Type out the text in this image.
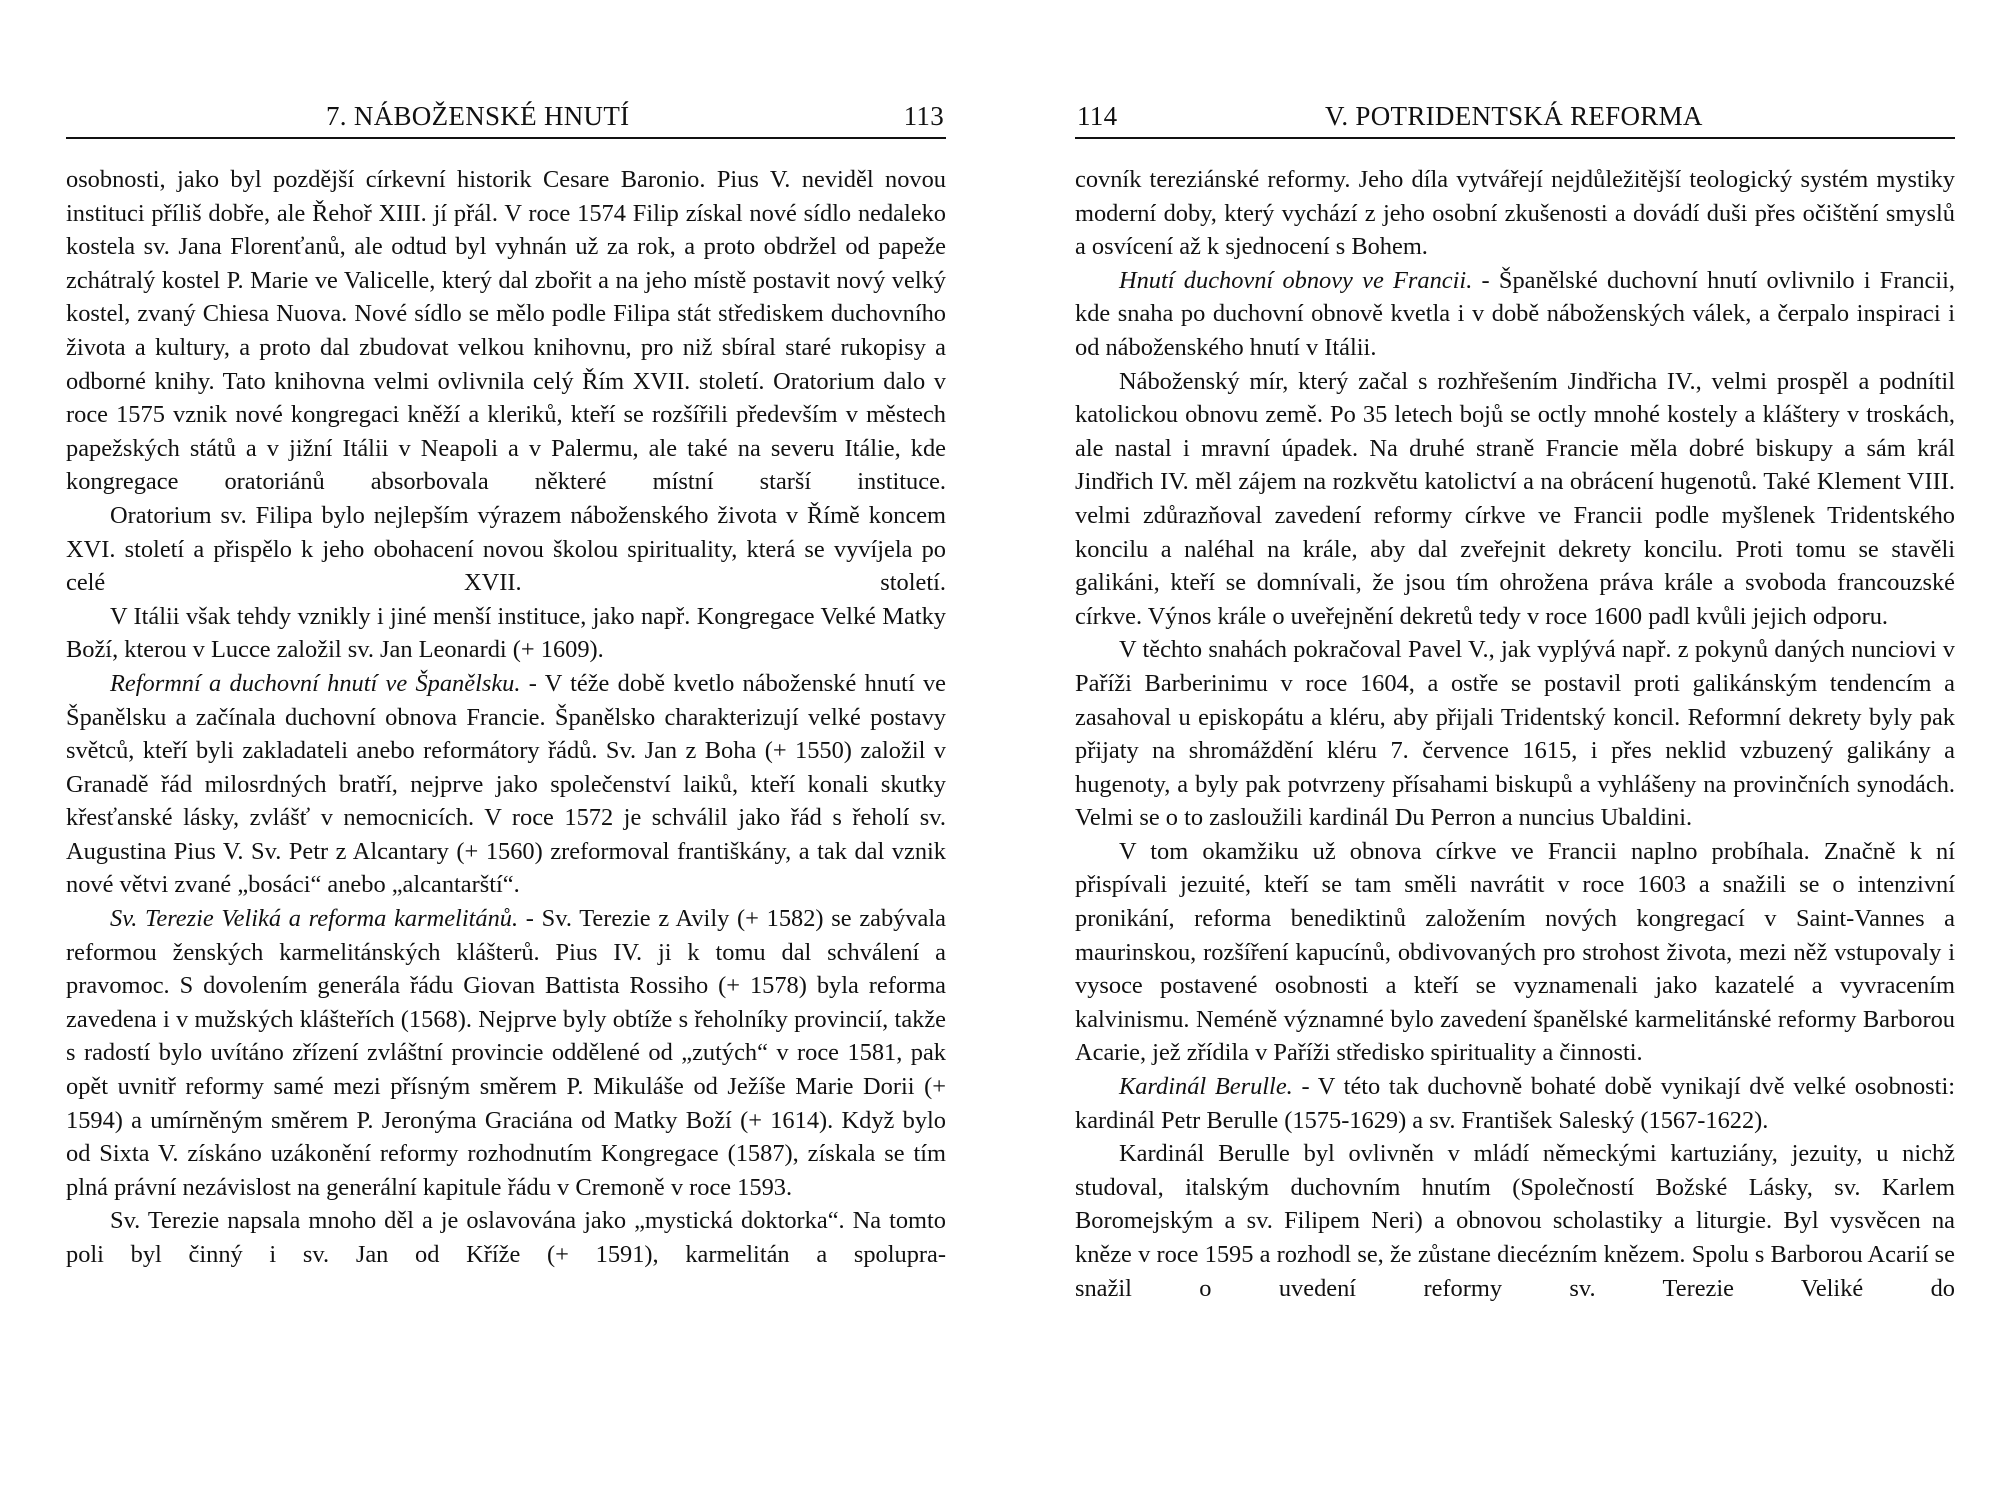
7. NÁBOŽENSKÉ HNUTÍ	113

osobnosti, jako byl pozdější církevní historik Cesare Baronio. Pius V. neviděl novou instituci příliš dobře, ale Řehoř XIII. jí přál. V roce 1574 Filip získal nové sídlo nedaleko kostela sv. Jana Florenťanů, ale odtud byl vyhnán už za rok, a proto obdržel od papeže zchátralý kostel P. Marie ve Valicelle, který dal zbořit a na jeho místě postavit nový velký kostel, zvaný Chiesa Nuova. Nové sídlo se mělo podle Filipa stát střediskem duchovního života a kultury, a proto dal zbudovat velkou knihovnu, pro niž sbíral staré rukopisy a odborné knihy. Tato knihovna velmi ovlivnila celý Řím XVII. století. Oratorium dalo v roce 1575 vznik nové kongregaci kněží a kleriků, kteří se rozšířili především v městech papežských států a v jižní Itálii v Neapoli a v Palermu, ale také na severu Itálie, kde kongregace oratoriánů absorbovala některé místní starší instituce.

Oratorium sv. Filipa bylo nejlepším výrazem náboženského života v Římě koncem XVI. století a přispělo k jeho obohacení novou školou spirituality, která se vyvíjela po celé XVII. století.

V Itálii však tehdy vznikly i jiné menší instituce, jako např. Kongregace Velké Matky Boží, kterou v Lucce založil sv. Jan Leonardi (+ 1609).

Reformní a duchovní hnutí ve Španělsku. - V téže době kvetlo náboženské hnutí ve Španělsku a začínala duchovní obnova Francie. Španělsko charakterizují velké postavy světců, kteří byli zakladateli anebo reformátory řádů. Sv. Jan z Boha (+ 1550) založil v Granadě řád milosrdných bratří, nejprve jako společenství laiků, kteří konali skutky křesťanské lásky, zvlášť v nemocnicích. V roce 1572 je schválil jako řád s řeholí sv. Augustina Pius V. Sv. Petr z Alcantary (+ 1560) zreformoval františkány, a tak dal vznik nové větvi zvané „bosáci“ anebo „alcantarští“.

Sv. Terezie Veliká a reforma karmelitánů. - Sv. Terezie z Avily (+ 1582) se zabývala reformou ženských karmelitánských klášterů. Pius IV. ji k tomu dal schválení a pravomoc. S dovolením generála řádu Giovan Battista Rossiho (+ 1578) byla reforma zavedena i v mužských klášteřích (1568). Nejprve byly obtíže s řeholníky provincií, takže s radostí bylo uvítáno zřízení zvláštní provincie oddělené od „zutých“ v roce 1581, pak opět uvnitř reformy samé mezi přísným směrem P. Mikuláše od Ježíše Marie Dorii (+ 1594) a umírněným směrem P. Jeronýma Graciána od Matky Boží (+ 1614). Když bylo od Sixta V. získáno uzákonění reformy rozhodnutím Kongregace (1587), získala se tím plná právní nezávislost na generální kapitule řádu v Cremoně v roce 1593.

Sv. Terezie napsala mnoho děl a je oslavována jako „mystická doktorka“. Na tomto poli byl činný i sv. Jan od Kříže (+ 1591), karmelitán a spolupra-

114	V. POTRIDENTSKÁ REFORMA

covník tereziánské reformy. Jeho díla vytvářejí nejdůležitější teologický systém mystiky moderní doby, který vychází z jeho osobní zkušenosti a dovádí duši přes očištění smyslů a osvícení až k sjednocení s Bohem.

Hnutí duchovní obnovy ve Francii. - Španělské duchovní hnutí ovlivnilo i Francii, kde snaha po duchovní obnově kvetla i v době náboženských válek, a čerpalo inspiraci i od náboženského hnutí v Itálii.

Náboženský mír, který začal s rozhřešením Jindřicha IV., velmi prospěl a podnítil katolickou obnovu země. Po 35 letech bojů se octly mnohé kostely a kláštery v troskách, ale nastal i mravní úpadek. Na druhé straně Francie měla dobré biskupy a sám král Jindřich IV. měl zájem na rozkvětu katolictví a na obrácení hugenotů. Také Klement VIII. velmi zdůrazňoval zavedení reformy církve ve Francii podle myšlenek Tridentského koncilu a naléhal na krále, aby dal zveřejnit dekrety koncilu. Proti tomu se stavěli galikáni, kteří se domnívali, že jsou tím ohrožena práva krále a svoboda francouzské církve. Výnos krále o uveřejnění dekretů tedy v roce 1600 padl kvůli jejich odporu.

V těchto snahách pokračoval Pavel V., jak vyplývá např. z pokynů daných nunciovi v Paříži Barberinimu v roce 1604, a ostře se postavil proti galikánským tendencím a zasahoval u episkopátu a kléru, aby přijali Tridentský koncil. Reformní dekrety byly pak přijaty na shromáždění kléru 7. července 1615, i přes neklid vzbuzený galikány a hugenoty, a byly pak potvrzeny přísahami biskupů a vyhlášeny na provinčních synodách. Velmi se o to zasloužili kardinál Du Perron a nuncius Ubaldini.

V tom okamžiku už obnova církve ve Francii naplno probíhala. Značně k ní přispívali jezuité, kteří se tam směli navrátit v roce 1603 a snažili se o intenzivní pronikání, reforma benediktinů založením nových kongregací v Saint-Vannes a maurinskou, rozšíření kapucínů, obdivovaných pro strohost života, mezi něž vstupovaly i vysoce postavené osobnosti a kteří se vyznamenali jako kazatelé a vyvracením kalvinismu. Neméně významné bylo zavedení španělské karmelitánské reformy Barborou Acarie, jež zřídila v Paříži středisko spirituality a činnosti.

Kardinál Berulle. - V této tak duchovně bohaté době vynikají dvě velké osobnosti: kardinál Petr Berulle (1575-1629) a sv. František Saleský (1567-1622).

Kardinál Berulle byl ovlivněn v mládí německými kartuziány, jezuity, u nichž studoval, italským duchovním hnutím (Společností Božské Lásky, sv. Karlem Boromejským a sv. Filipem Neri) a obnovou scholastiky a liturgie. Byl vysvěcen na kněze v roce 1595 a rozhodl se, že zůstane diecézním knězem. Spolu s Barborou Acarií se snažil o uvedení reformy sv. Terezie Veliké do
